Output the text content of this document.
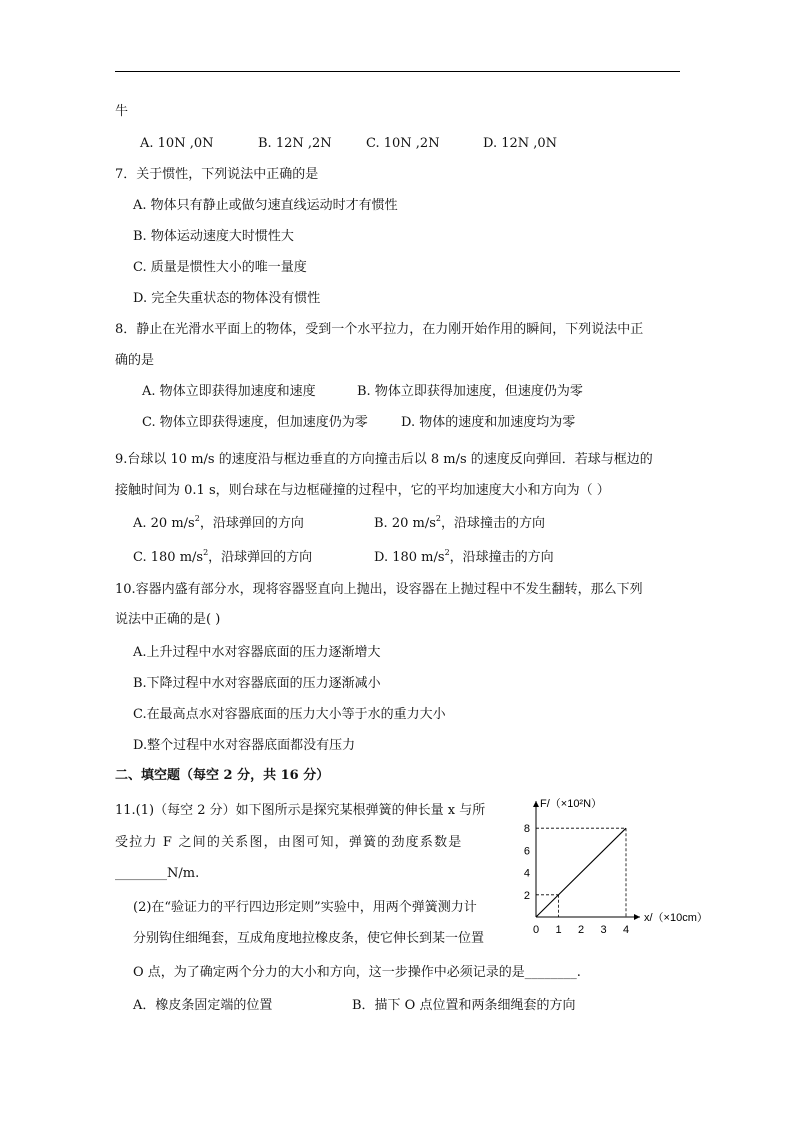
牛
A. 10N ,0N	B. 12N ,2N	C. 10N ,2N	D. 12N ,0N
7．关于惯性，下列说法中正确的是
A. 物体只有静止或做匀速直线运动时才有惯性
B. 物体运动速度大时惯性大
C. 质量是惯性大小的唯一量度
D. 完全失重状态的物体没有惯性
8．静止在光滑水平面上的物体，受到一个水平拉力，在力刚开始作用的瞬间，下列说法中正
确的是
A. 物体立即获得加速度和速度	B. 物体立即获得加速度，但速度仍为零
C. 物体立即获得速度，但加速度仍为零	D. 物体的速度和加速度均为零
9.台球以 10 m/s 的速度沿与框边垂直的方向撞击后以 8 m/s 的速度反向弹回．若球与框边的
接触时间为 0.1 s，则台球在与边框碰撞的过程中，它的平均加速度大小和方向为（ ）
A. 20 $m/s^2$，沿球弹回的方向	B. 20 $m/s^2$，沿球撞击的方向
C. 180 $m/s^2$，沿球弹回的方向	D. 180 $m/s^2$，沿球撞击的方向
10.容器内盛有部分水，现将容器竖直向上抛出，设容器在上抛过程中不发生翻转，那么下列
说法中正确的是( )
A.上升过程中水对容器底面的压力逐渐增大
B.下降过程中水对容器底面的压力逐渐减小
C.在最高点水对容器底面的压力大小等于水的重力大小
D.整个过程中水对容器底面都没有压力
二、填空题（每空 2 分，共 16 分）
11.(1)（每空 2 分）如下图所示是探究某根弹簧的伸长量 x 与所
受拉力 F 之间的关系图，由图可知，弹簧的劲度系数是
________N/m.
(2)在“验证力的平行四边形定则”实验中，用两个弹簧测力计
分别钩住细绳套，互成角度地拉橡皮条，使它伸长到某一位置
O 点，为了确定两个分力的大小和方向，这一步操作中必须记录的是________.
A．橡皮条固定端的位置	B．描下 O 点位置和两条细绳套的方向
0 1 2 3 4
2
4
6
8
F/（×10²N）
x/（×10cm）
